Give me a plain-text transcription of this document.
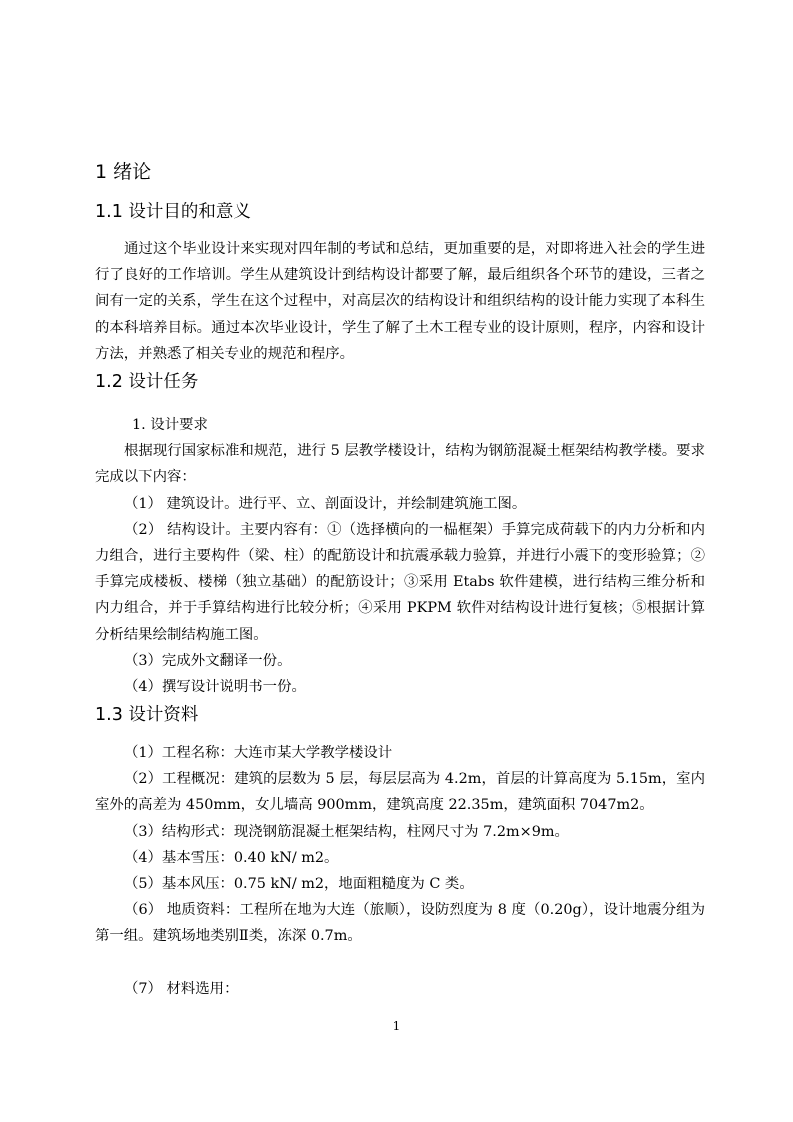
1 绪论
1.1 设计目的和意义

通过这个毕业设计来实现对四年制的考试和总结，更加重要的是，对即将进入社会的学生进行了良好的工作培训。学生从建筑设计到结构设计都要了解，最后组织各个环节的建设，三者之间有一定的关系，学生在这个过程中，对高层次的结构设计和组织结构的设计能力实现了本科生的本科培养目标。通过本次毕业设计，学生了解了土木工程专业的设计原则，程序，内容和设计方法，并熟悉了相关专业的规范和程序。

1.2 设计任务

1. 设计要求

根据现行国家标准和规范，进行 5 层教学楼设计，结构为钢筋混凝土框架结构教学楼。要求完成以下内容：

（1） 建筑设计。进行平、立、剖面设计，并绘制建筑施工图。

（2） 结构设计。主要内容有：①（选择横向的一榀框架）手算完成荷载下的内力分析和内力组合，进行主要构件（梁、柱）的配筋设计和抗震承载力验算，并进行小震下的变形验算；②手算完成楼板、楼梯（独立基础）的配筋设计；③采用 Etabs 软件建模，进行结构三维分析和内力组合，并于手算结构进行比较分析；④采用 PKPM 软件对结构设计进行复核；⑤根据计算分析结果绘制结构施工图。

（3）完成外文翻译一份。

（4）撰写设计说明书一份。

1.3 设计资料

（1）工程名称：大连市某大学教学楼设计

（2）工程概况：建筑的层数为 5 层，每层层高为 4.2m，首层的计算高度为 5.15m，室内室外的高差为 450mm，女儿墙高 900mm，建筑高度 22.35m，建筑面积 7047m2。

（3）结构形式：现浇钢筋混凝土框架结构，柱网尺寸为 7.2m×9m。

（4）基本雪压：0.40 kN/ m2。

（5）基本风压：0.75 kN/ m2，地面粗糙度为 C 类。

（6） 地质资料：工程所在地为大连（旅顺），设防烈度为 8 度（0.20g），设计地震分组为第一组。建筑场地类别Ⅱ类，冻深 0.7m。

（7） 材料选用：
1
